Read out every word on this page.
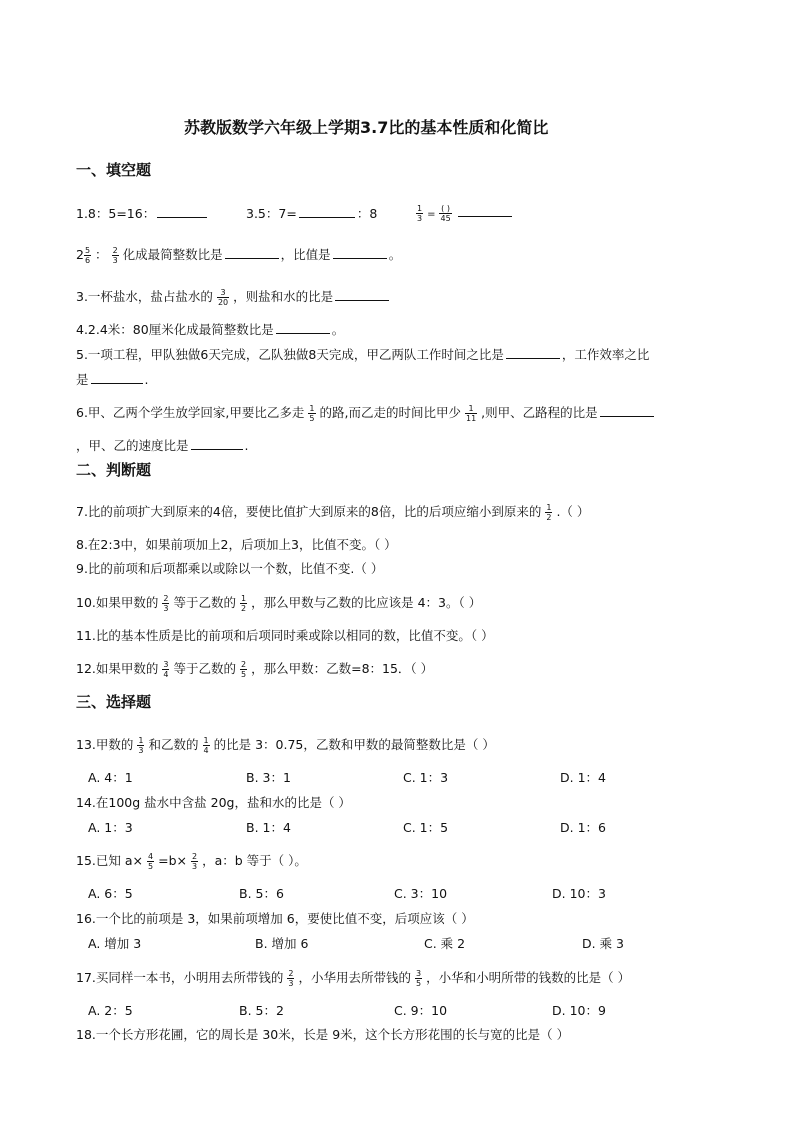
苏教版数学六年级上学期3.7比的基本性质和化简比
一、填空题
1.8：5=16：	3.5：7=	：8	$\frac{1}{3} = \frac{( )}{45}$
$2 \frac{5}{6}$ ： $\frac{2}{3}$ 化成最简整数比是	，比值是	。
3.一杯盐水，盐占盐水的 $\frac{3}{20}$ ，则盐和水的比是
4.2.4米：80厘米化成最简整数比是	。
5.一项工程，甲队独做6天完成，乙队独做8天完成，甲乙两队工作时间之比是	，工作效率之比
是	.
6.甲、乙两个学生放学回家,甲要比乙多走 $\frac{1}{5}$ 的路,而乙走的时间比甲少 $\frac{1}{11}$ ,则甲、乙路程的比是
，甲、乙的速度比是	.
二、判断题
7.比的前项扩大到原来的4倍，要使比值扩大到原来的8倍，比的后项应缩小到原来的 $\frac{1}{2}$ .（ ）
8.在2:3中，如果前项加上2，后项加上3，比值不变。（ ）
9.比的前项和后项都乘以或除以一个数，比值不变.（ ）
10.如果甲数的 $\frac{2}{3}$ 等于乙数的 $\frac{1}{2}$ ，那么甲数与乙数的比应该是 4：3。（ ）
11.比的基本性质是比的前项和后项同时乘或除以相同的数，比值不变。（ ）
12.如果甲数的 $\frac{3}{4}$ 等于乙数的 $\frac{2}{5}$ ，那么甲数：乙数=8：15．（ ）
三、选择题
13.甲数的 $\frac{1}{3}$ 和乙数的 $\frac{1}{4}$ 的比是 3：0.75，乙数和甲数的最简整数比是（ ）
A. 4：1	B. 3：1	C. 1：3	D. 1：4
14.在100g 盐水中含盐 20g，盐和水的比是（ ）
A. 1：3	B. 1：4	C. 1：5	D. 1：6
15.已知 $a\times \frac{4}{5} =b\times \frac{2}{3}$ ，a：b 等于（ ）。
A. 6：5	B. 5：6	C. 3：10	D. 10：3
16.一个比的前项是 3，如果前项增加 6，要使比值不变，后项应该（ ）
A. 增加 3	B. 增加 6	C. 乘 2	D. 乘 3
17.买同样一本书，小明用去所带钱的 $\frac{2}{3}$ ，小华用去所带钱的 $\frac{3}{5}$ ，小华和小明所带的钱数的比是（ ）
A. 2：5	B. 5：2	C. 9：10	D. 10：9
18.一个长方形花圃，它的周长是 30米，长是 9米，这个长方形花围的长与宽的比是（ ）
